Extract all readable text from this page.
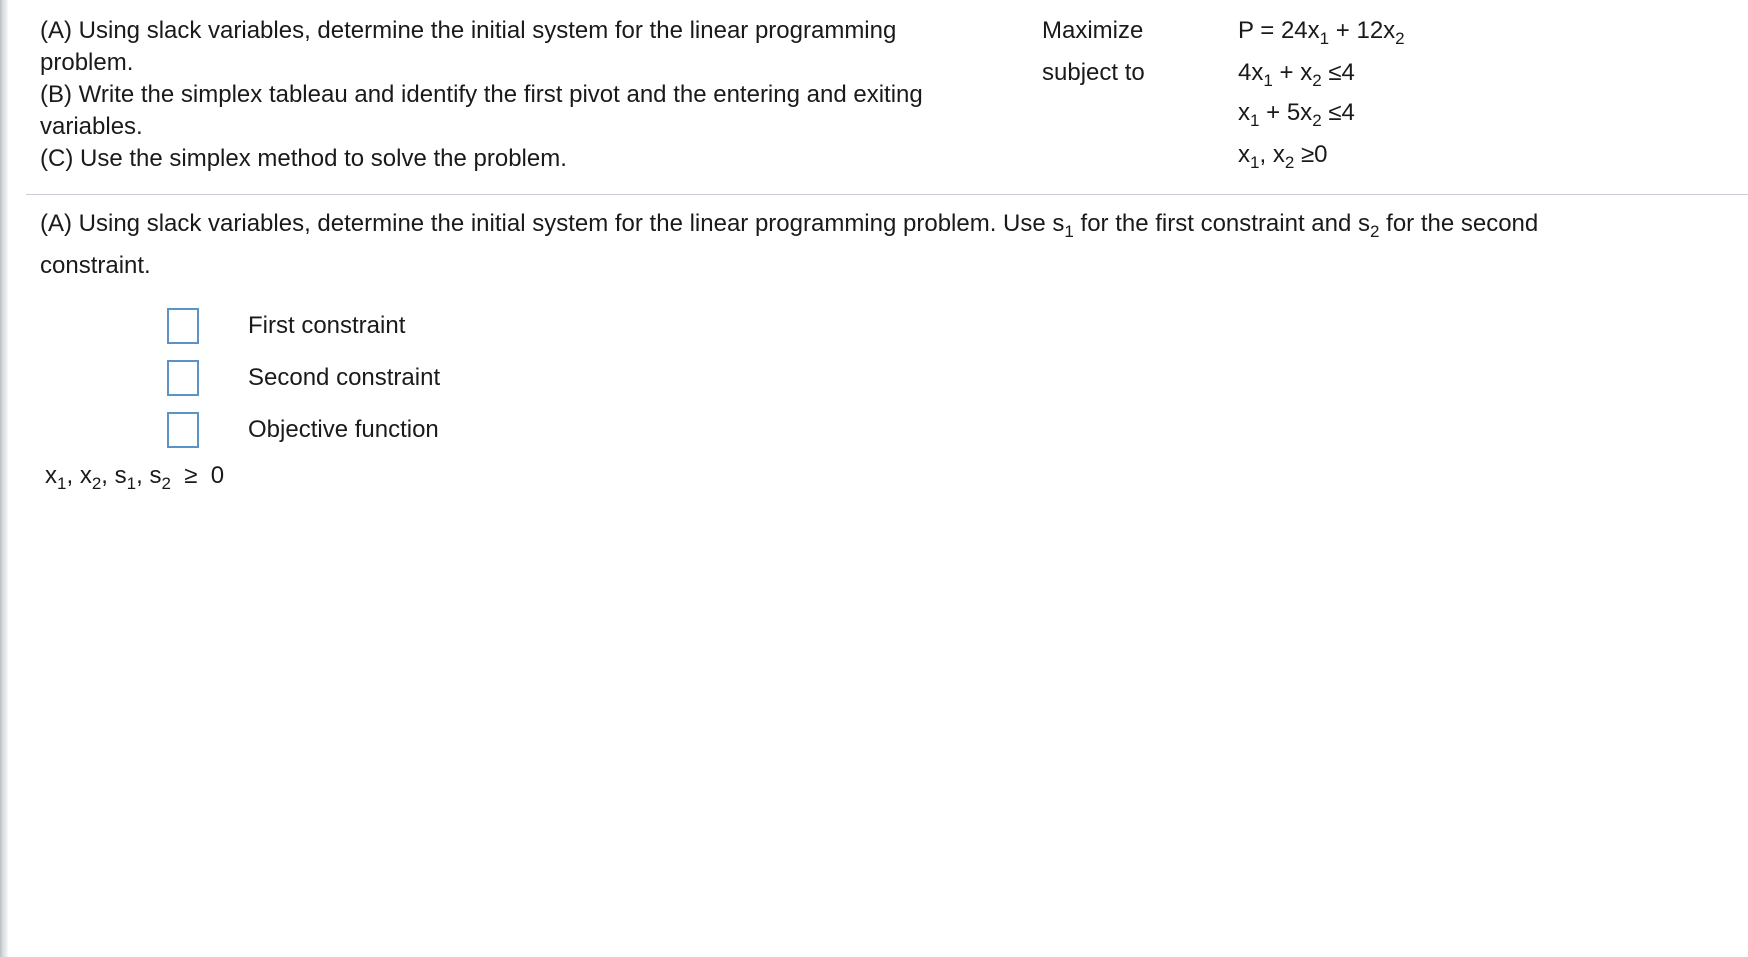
(A) Using slack variables, determine the initial system for the linear programming
problem.
(B) Write the simplex tableau and identify the first pivot and the entering and exiting
variables.
(C) Use the simplex method to solve the problem.
Maximize
subject to
$P = 24x_1 + 12x_2$
$4x_1 + x_2 \le 4$
$x_1 + 5x_2 \le 4$
$x_1$, $x_2 \ge 0$
(A) Using slack variables, determine the initial system for the linear programming problem. Use $s_1$ for the first constraint and $s_2$ for the second
constraint.
First constraint
Second constraint
Objective function
$x_1$, $x_2$, $s_1$, $s_2 \ge 0$
